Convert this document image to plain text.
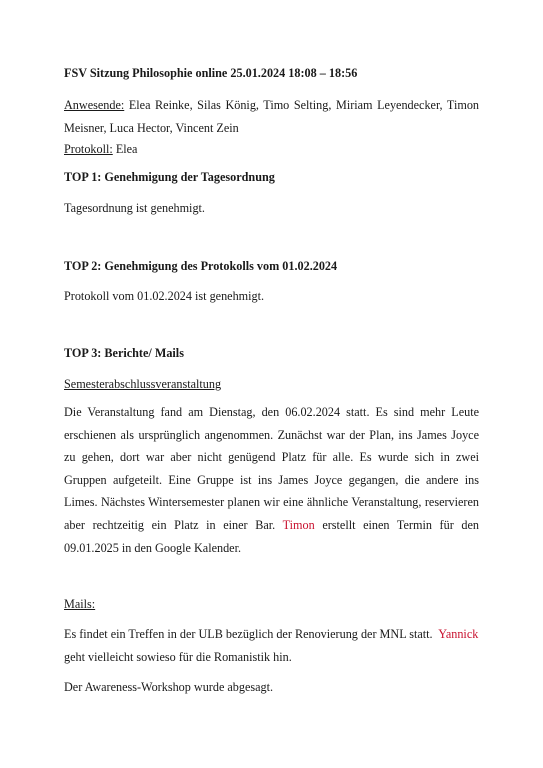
FSV Sitzung Philosophie online 25.01.2024 18:08 – 18:56

Anwesende: Elea Reinke, Silas König, Timo Selting, Miriam Leyendecker, Timon Meisner, Luca Hector, Vincent Zein

Protokoll: Elea

TOP 1: Genehmigung der Tagesordnung

Tagesordnung ist genehmigt.

TOP 2: Genehmigung des Protokolls vom 01.02.2024

Protokoll vom 01.02.2024 ist genehmigt.

TOP 3: Berichte/ Mails

Semesterabschlussveranstaltung

Die Veranstaltung fand am Dienstag, den 06.02.2024 statt. Es sind mehr Leute erschienen als ursprünglich angenommen. Zunächst war der Plan, ins James Joyce zu gehen, dort war aber nicht genügend Platz für alle. Es wurde sich in zwei Gruppen aufgeteilt. Eine Gruppe ist ins James Joyce gegangen, die andere ins Limes. Nächstes Wintersemester planen wir eine ähnliche Veranstaltung, reservieren aber rechtzeitig ein Platz in einer Bar. Timon erstellt einen Termin für den 09.01.2025 in den Google Kalender.

Mails:

Es findet ein Treffen in der ULB bezüglich der Renovierung der MNL statt. Yannick geht vielleicht sowieso für die Romanistik hin.

Der Awareness-Workshop wurde abgesagt.
